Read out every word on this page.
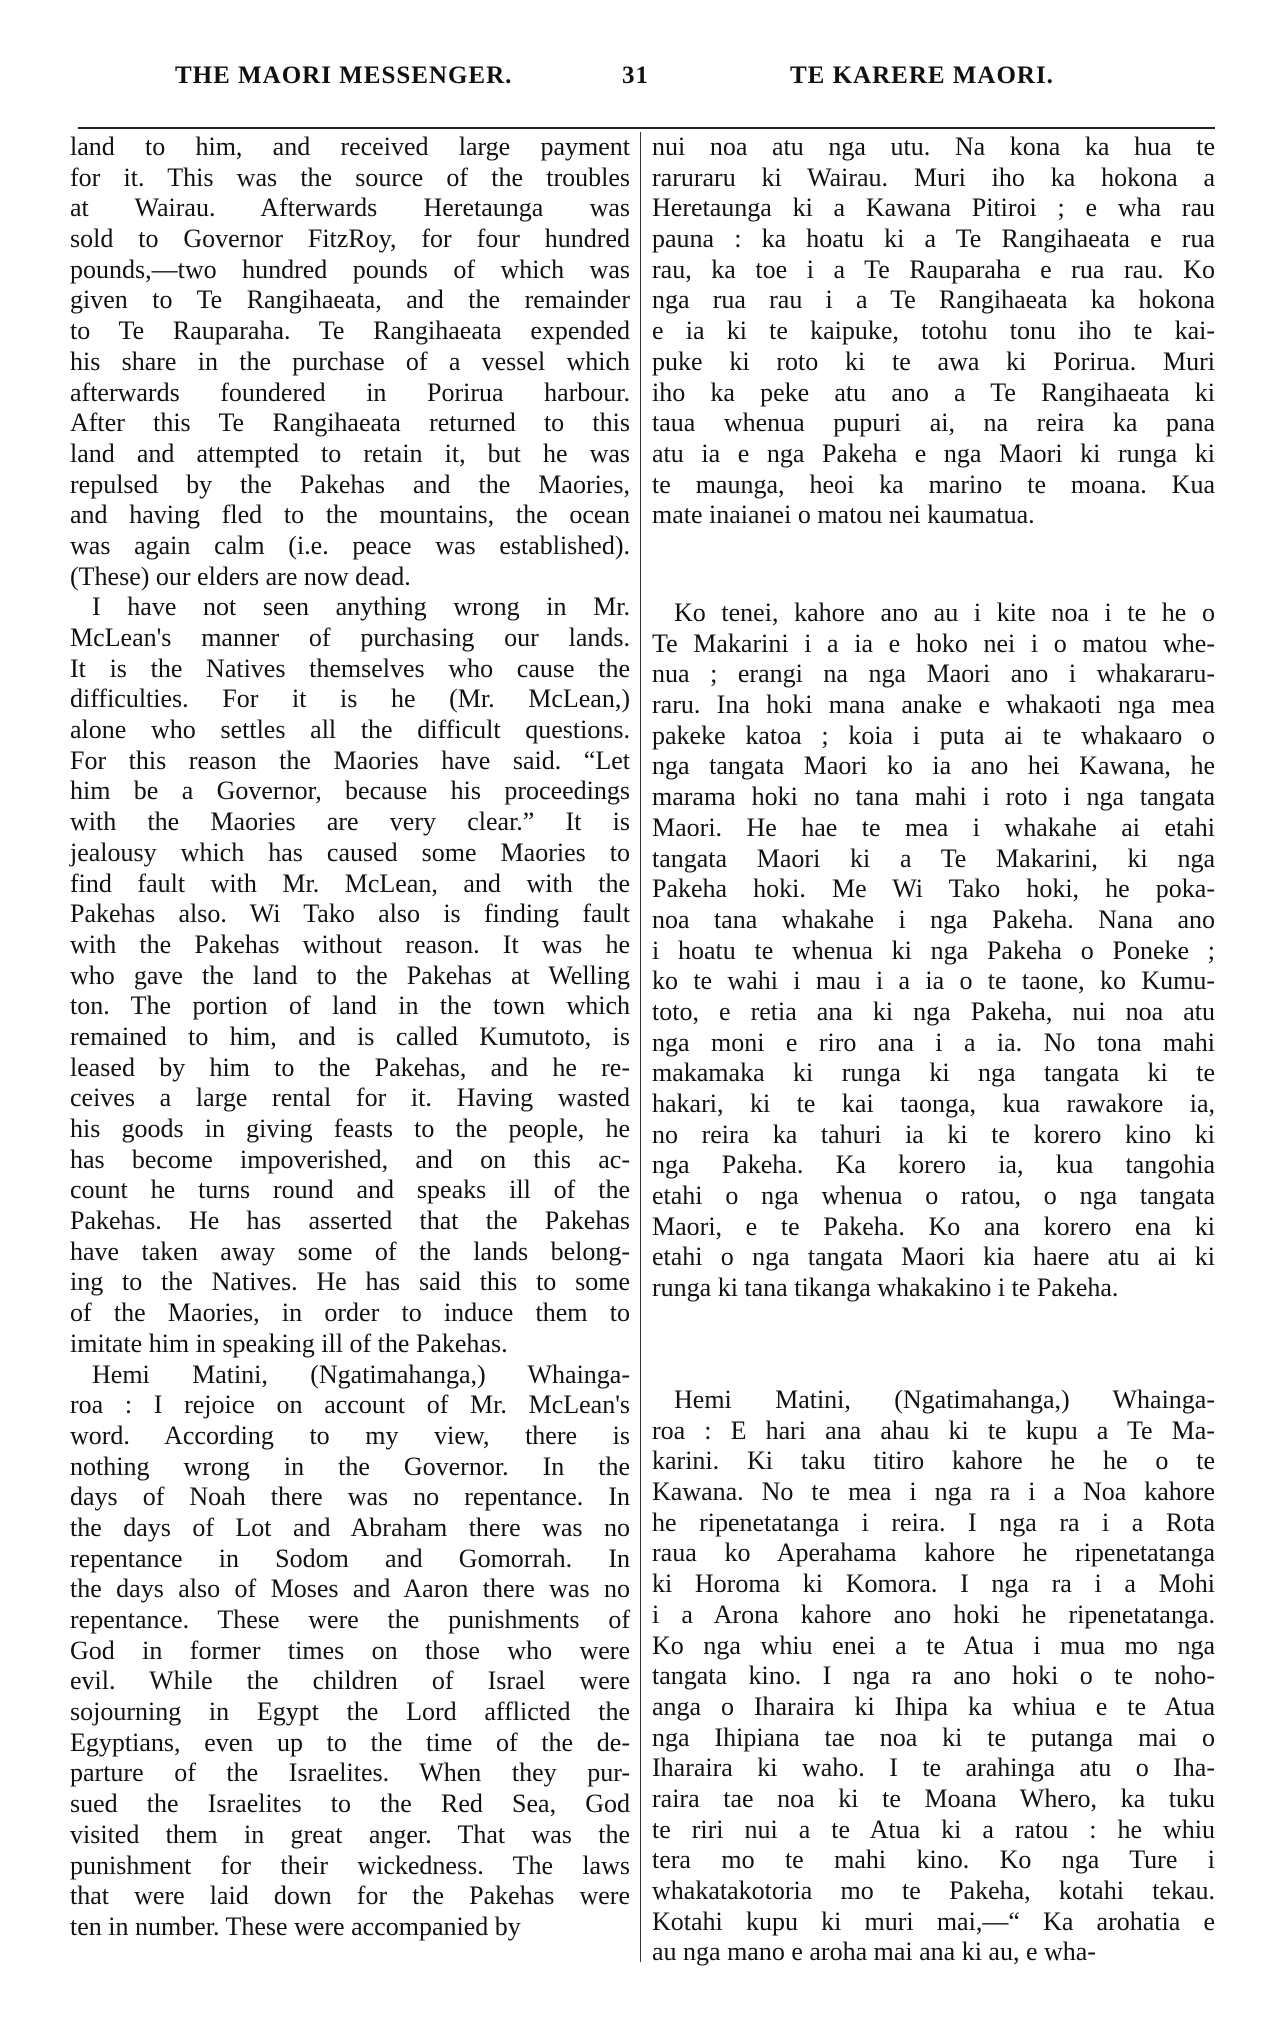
THE MAORI MESSENGER.	31	TE KARERE MAORI.
land to him, and received large payment
for it. This was the source of the troubles
at Wairau. Afterwards Heretaunga was
sold to Governor FitzRoy, for four hundred
pounds,—two hundred pounds of which was
given to Te Rangihaeata, and the remainder
to Te Rauparaha. Te Rangihaeata expended
his share in the purchase of a vessel which
afterwards foundered in Porirua harbour.
After this Te Rangihaeata returned to this
land and attempted to retain it, but he was
repulsed by the Pakehas and the Maories,
and having fled to the mountains, the ocean
was again calm (i.e. peace was established).
(These) our elders are now dead.
I have not seen anything wrong in Mr.
McLean's manner of purchasing our lands.
It is the Natives themselves who cause the
difficulties. For it is he (Mr. McLean,)
alone who settles all the difficult questions.
For this reason the Maories have said. “Let
him be a Governor, because his proceedings
with the Maories are very clear.” It is
jealousy which has caused some Maories to
find fault with Mr. McLean, and with the
Pakehas also. Wi Tako also is finding fault
with the Pakehas without reason. It was he
who gave the land to the Pakehas at Welling
ton. The portion of land in the town which
remained to him, and is called Kumutoto, is
leased by him to the Pakehas, and he re-
ceives a large rental for it. Having wasted
his goods in giving feasts to the people, he
has become impoverished, and on this ac-
count he turns round and speaks ill of the
Pakehas. He has asserted that the Pakehas
have taken away some of the lands belong-
ing to the Natives. He has said this to some
of the Maories, in order to induce them to
imitate him in speaking ill of the Pakehas.
Hemi Matini, (Ngatimahanga,) Whainga-
roa : I rejoice on account of Mr. McLean's
word. According to my view, there is
nothing wrong in the Governor. In the
days of Noah there was no repentance. In
the days of Lot and Abraham there was no
repentance in Sodom and Gomorrah. In
the days also of Moses and Aaron there was no
repentance. These were the punishments of
God in former times on those who were
evil. While the children of Israel were
sojourning in Egypt the Lord afflicted the
Egyptians, even up to the time of the de-
parture of the Israelites. When they pur-
sued the Israelites to the Red Sea, God
visited them in great anger. That was the
punishment for their wickedness. The laws
that were laid down for the Pakehas were
ten in number. These were accompanied by
nui noa atu nga utu. Na kona ka hua te
raruraru ki Wairau. Muri iho ka hokona a
Heretaunga ki a Kawana Pitiroi ; e wha rau
pauna : ka hoatu ki a Te Rangihaeata e rua
rau, ka toe i a Te Rauparaha e rua rau. Ko
nga rua rau i a Te Rangihaeata ka hokona
e ia ki te kaipuke, totohu tonu iho te kai-
puke ki roto ki te awa ki Porirua. Muri
iho ka peke atu ano a Te Rangihaeata ki
taua whenua pupuri ai, na reira ka pana
atu ia e nga Pakeha e nga Maori ki runga ki
te maunga, heoi ka marino te moana. Kua
mate inaianei o matou nei kaumatua.
Ko tenei, kahore ano au i kite noa i te he o
Te Makarini i a ia e hoko nei i o matou whe-
nua ; erangi na nga Maori ano i whakararu-
raru. Ina hoki mana anake e whakaoti nga mea
pakeke katoa ; koia i puta ai te whakaaro o
nga tangata Maori ko ia ano hei Kawana, he
marama hoki no tana mahi i roto i nga tangata
Maori. He hae te mea i whakahe ai etahi
tangata Maori ki a Te Makarini, ki nga
Pakeha hoki. Me Wi Tako hoki, he poka-
noa tana whakahe i nga Pakeha. Nana ano
i hoatu te whenua ki nga Pakeha o Poneke ;
ko te wahi i mau i a ia o te taone, ko Kumu-
toto, e retia ana ki nga Pakeha, nui noa atu
nga moni e riro ana i a ia. No tona mahi
makamaka ki runga ki nga tangata ki te
hakari, ki te kai taonga, kua rawakore ia,
no reira ka tahuri ia ki te korero kino ki
nga Pakeha. Ka korero ia, kua tangohia
etahi o nga whenua o ratou, o nga tangata
Maori, e te Pakeha. Ko ana korero ena ki
etahi o nga tangata Maori kia haere atu ai ki
runga ki tana tikanga whakakino i te Pakeha.
Hemi Matini, (Ngatimahanga,) Whainga-
roa : E hari ana ahau ki te kupu a Te Ma-
karini. Ki taku titiro kahore he he o te
Kawana. No te mea i nga ra i a Noa kahore
he ripenetatanga i reira. I nga ra i a Rota
raua ko Aperahama kahore he ripenetatanga
ki Horoma ki Komora. I nga ra i a Mohi
i a Arona kahore ano hoki he ripenetatanga.
Ko nga whiu enei a te Atua i mua mo nga
tangata kino. I nga ra ano hoki o te noho-
anga o Iharaira ki Ihipa ka whiua e te Atua
nga Ihipiana tae noa ki te putanga mai o
Iharaira ki waho. I te arahinga atu o Iha-
raira tae noa ki te Moana Whero, ka tuku
te riri nui a te Atua ki a ratou : he whiu
tera mo te mahi kino. Ko nga Ture i
whakatakotoria mo te Pakeha, kotahi tekau.
Kotahi kupu ki muri mai,—“ Ka arohatia e
au nga mano e aroha mai ana ki au, e wha-
